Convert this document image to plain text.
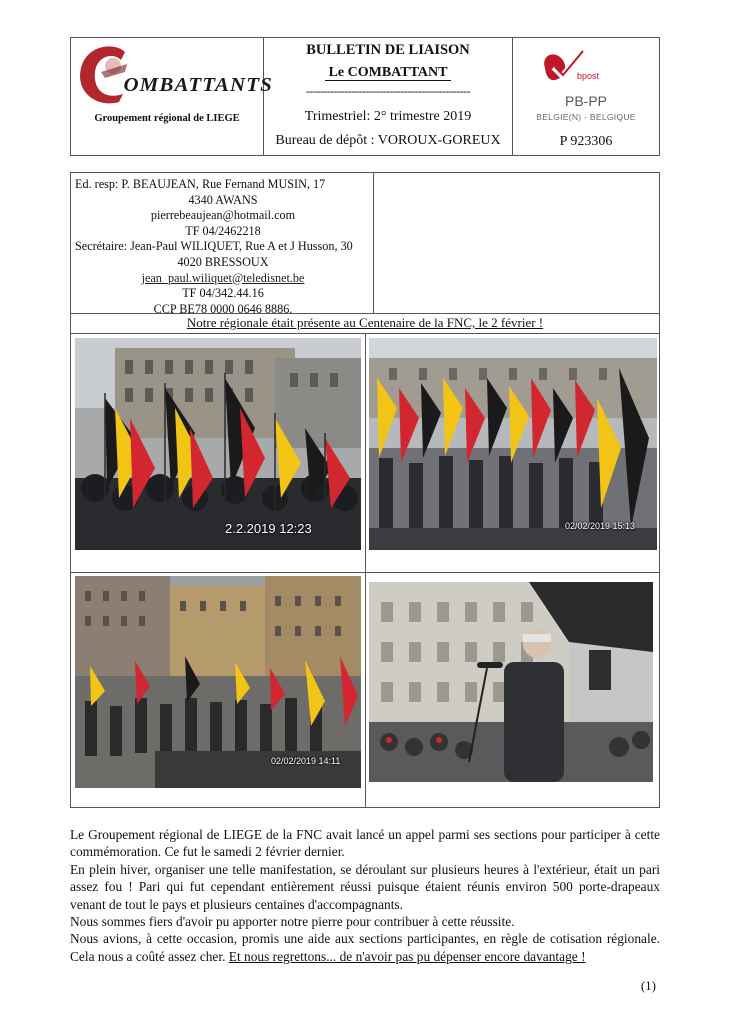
OMBATTANTS
Groupement régional de LIEGE
BULLETIN DE LIAISON
Le COMBATTANT
-----------------------------------------------
Trimestriel: 2° trimestre 2019
Bureau de dépôt : VOROUX-GOREUX
bpost
PB-PP
BELGIE(N) - BELGIQUE
P 923306
Ed. resp: P. BEAUJEAN, Rue Fernand MUSIN, 17
4340 AWANS
pierrebeaujean@hotmail.com
TF 04/2462218
Secrétaire: Jean-Paul WILIQUET, Rue A et J Husson, 30
4020 BRESSOUX
jean_paul.wiliquet@teledisnet.be
TF 04/342.44.16
CCP BE78 0000 0646 8886.
Notre régionale était présente au Centenaire de la FNC, le 2 février !
2.2.2019 12:23	02/02/2019 15:13
02/02/2019 14:11

Le Groupement régional de LIEGE de la FNC avait lancé un appel parmi ses sections pour participer à cette commémoration. Ce fut le samedi 2 février dernier.

En plein hiver, organiser une telle manifestation, se déroulant sur plusieurs heures à l'extérieur, était un pari assez fou ! Pari qui fut cependant entièrement réussi puisque étaient réunis environ 500 porte-drapeaux venant de tout le pays et plusieurs centaines d'accompagnants.

Nous sommes fiers d'avoir pu apporter notre pierre pour contribuer à cette réussite.

Nous avions, à cette occasion, promis une aide aux sections participantes, en règle de cotisation régionale. Cela nous a coûté assez cher. Et nous regrettons... de n'avoir pas pu dépenser encore davantage !

(1)
